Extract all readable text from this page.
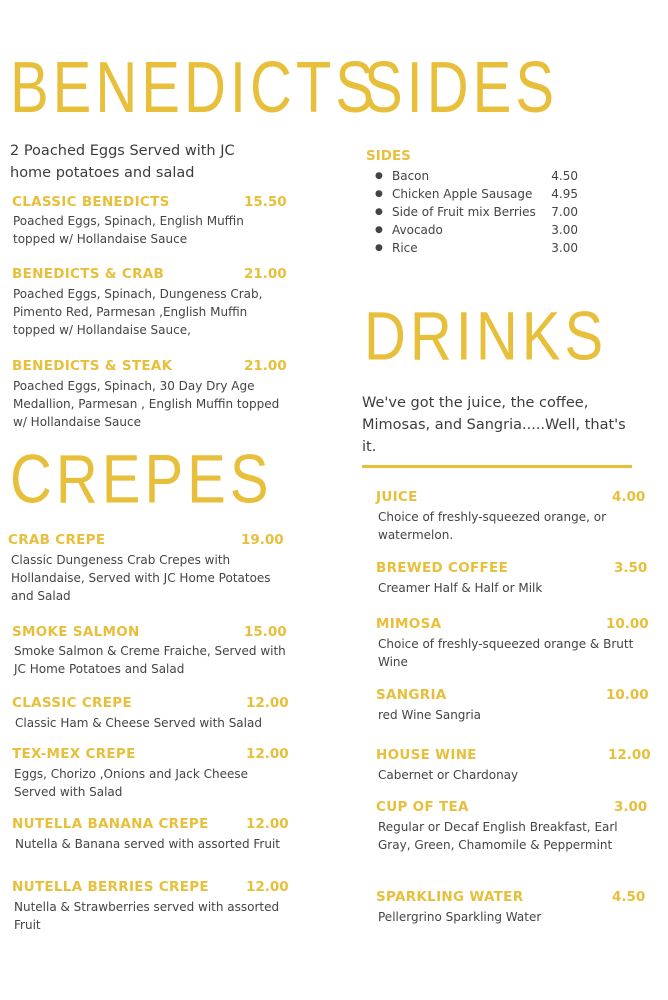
BENEDICTS
2 Poached Eggs Served with JC home potatoes and salad
CLASSIC BENEDICTS	15.50
Poached Eggs, Spinach, English Muffin topped w/ Hollandaise Sauce
BENEDICTS & CRAB	21.00
Poached Eggs, Spinach, Dungeness Crab, Pimento Red, Parmesan ,English Muffin topped w/ Hollandaise Sauce,
BENEDICTS & STEAK	21.00
Poached Eggs, Spinach, 30 Day Dry Age Medallion, Parmesan , English Muffin topped w/ Hollandaise Sauce
CREPES
CRAB CREPE	19.00
Classic Dungeness Crab Crepes with Hollandaise, Served with JC Home Potatoes and Salad
SMOKE SALMON	15.00
Smoke Salmon & Creme Fraiche, Served with JC Home Potatoes and Salad
CLASSIC CREPE	12.00
Classic Ham & Cheese Served with Salad
TEX-MEX CREPE	12.00
Eggs, Chorizo ,Onions and Jack Cheese Served with Salad
NUTELLA BANANA CREPE	12.00
Nutella & Banana served with assorted Fruit
NUTELLA BERRIES CREPE	12.00
Nutella & Strawberries served with assorted Fruit
SIDES
SIDES
● Bacon	4.50
● Chicken Apple Sausage 4.95
● Side of Fruit mix Berries 7.00
● Avocado	3.00
● Rice	3.00
DRINKS
We've got the juice, the coffee, Mimosas, and Sangria.....Well, that's it.
JUICE	4.00
Choice of freshly-squeezed orange, or watermelon.
BREWED COFFEE	3.50
Creamer Half & Half or Milk
MIMOSA	10.00
Choice of freshly-squeezed orange & Brutt Wine
SANGRIA	10.00
red Wine Sangria
HOUSE WINE	12.00
Cabernet or Chardonay
CUP OF TEA	3.00
Regular or Decaf English Breakfast, Earl Gray, Green, Chamomile & Peppermint
SPARKLING WATER	4.50
Pellergrino Sparkling Water
